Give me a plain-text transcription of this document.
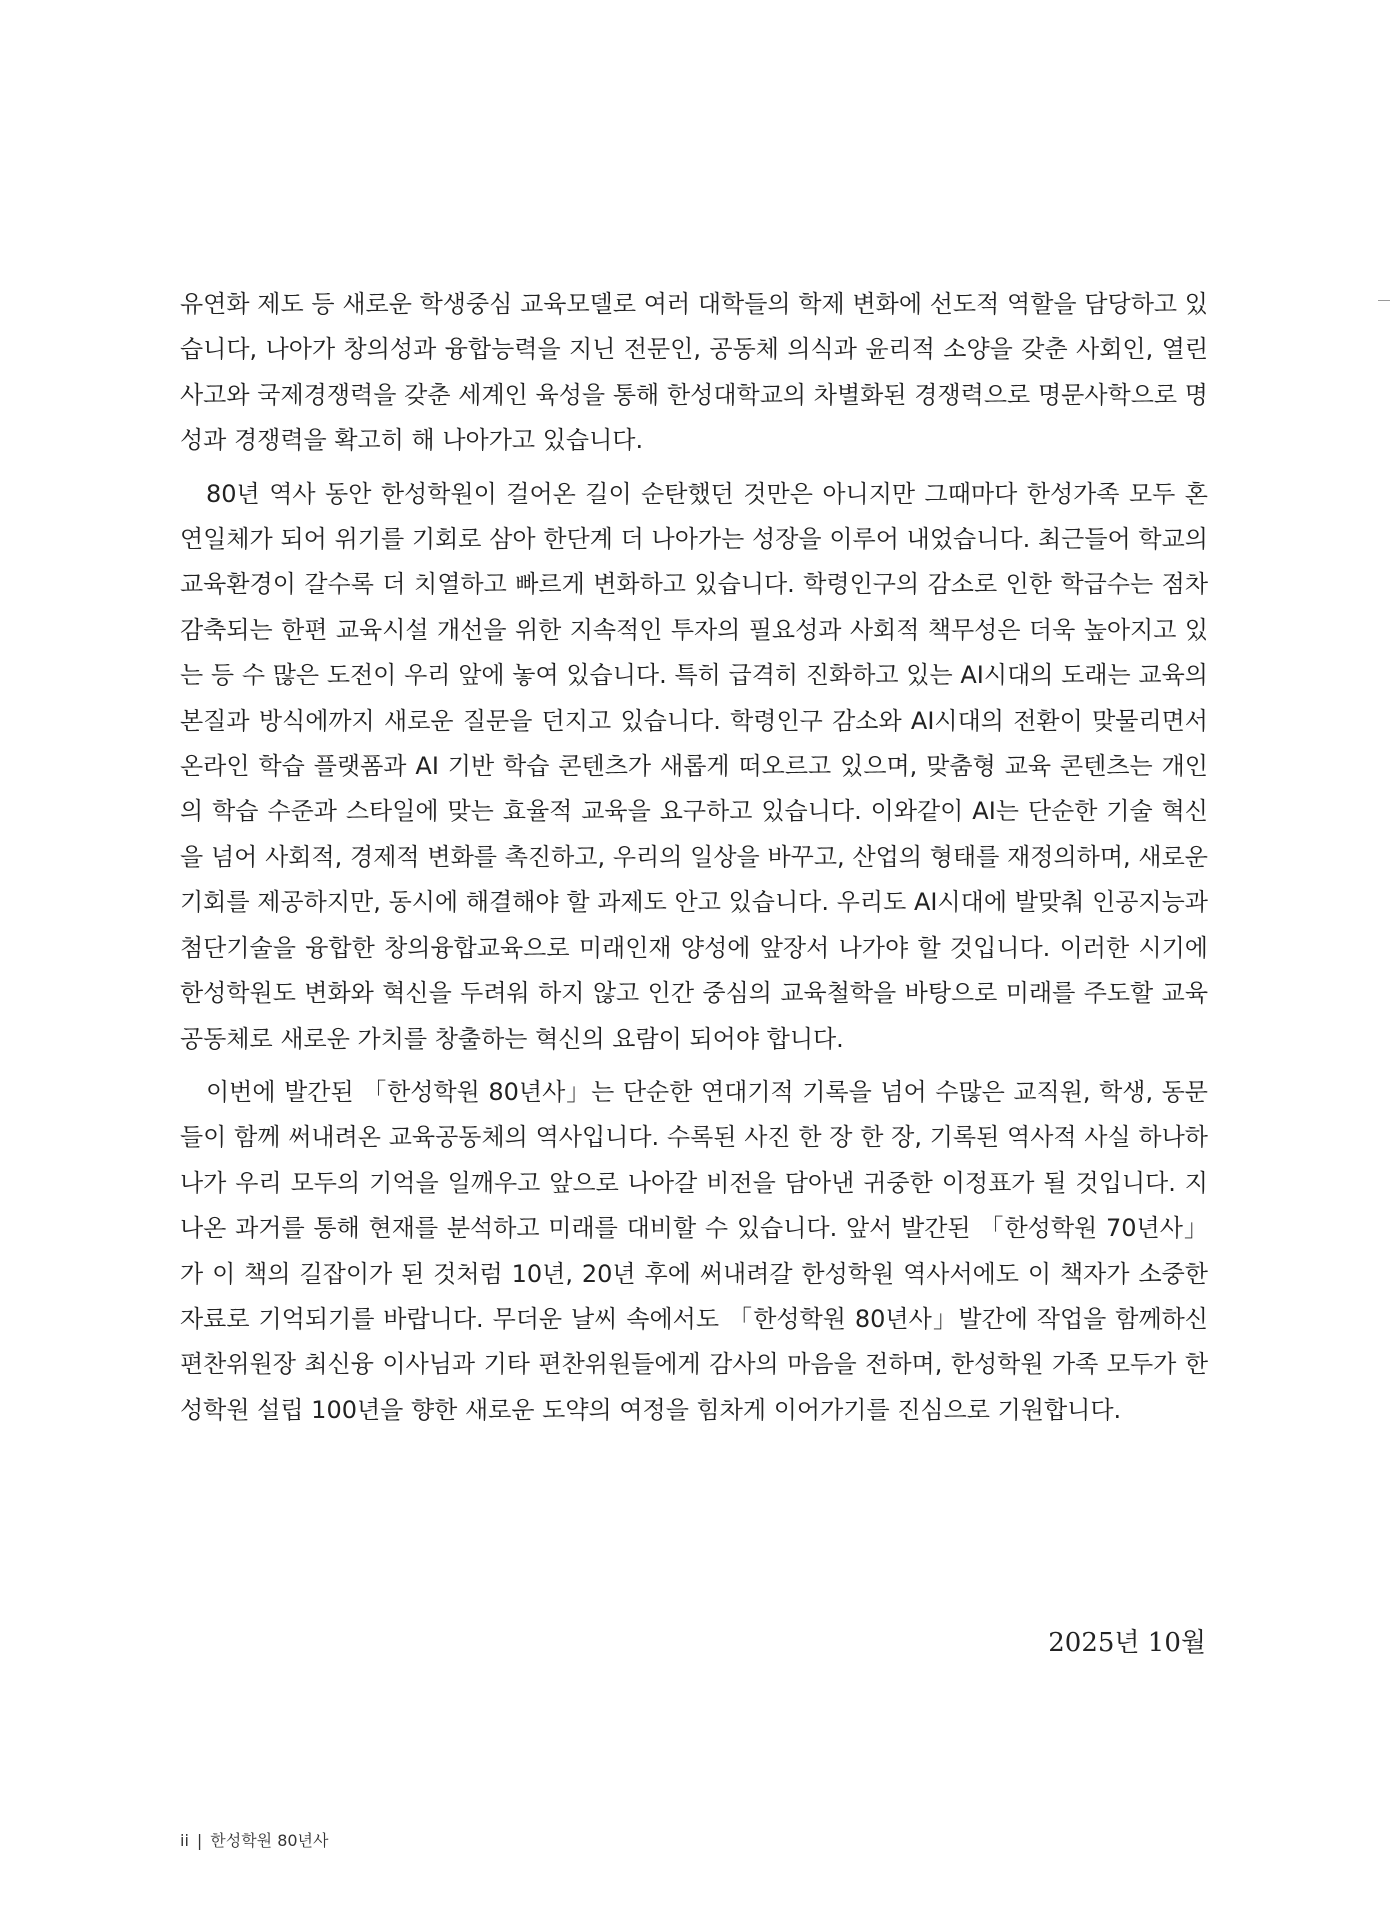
유연화 제도 등 새로운 학생중심 교육모델로 여러 대학들의 학제 변화에 선도적 역할을 담당하고 있습니다, 나아가 창의성과 융합능력을 지닌 전문인, 공동체 의식과 윤리적 소양을 갖춘 사회인, 열린 사고와 국제경쟁력을 갖춘 세계인 육성을 통해 한성대학교의 차별화된 경쟁력으로 명문사학으로 명성과 경쟁력을 확고히 해 나아가고 있습니다.

80년 역사 동안 한성학원이 걸어온 길이 순탄했던 것만은 아니지만 그때마다 한성가족 모두 혼연일체가 되어 위기를 기회로 삼아 한단계 더 나아가는 성장을 이루어 내었습니다. 최근들어 학교의 교육환경이 갈수록 더 치열하고 빠르게 변화하고 있습니다. 학령인구의 감소로 인한 학급수는 점차 감축되는 한편 교육시설 개선을 위한 지속적인 투자의 필요성과 사회적 책무성은 더욱 높아지고 있는 등 수 많은 도전이 우리 앞에 놓여 있습니다. 특히 급격히 진화하고 있는 AI시대의 도래는 교육의 본질과 방식에까지 새로운 질문을 던지고 있습니다. 학령인구 감소와 AI시대의 전환이 맞물리면서 온라인 학습 플랫폼과 AI 기반 학습 콘텐츠가 새롭게 떠오르고 있으며, 맞춤형 교육 콘텐츠는 개인의 학습 수준과 스타일에 맞는 효율적 교육을 요구하고 있습니다. 이와같이 AI는 단순한 기술 혁신을 넘어 사회적, 경제적 변화를 촉진하고, 우리의 일상을 바꾸고, 산업의 형태를 재정의하며, 새로운 기회를 제공하지만, 동시에 해결해야 할 과제도 안고 있습니다. 우리도 AI시대에 발맞춰 인공지능과 첨단기술을 융합한 창의융합교육으로 미래인재 양성에 앞장서 나가야 할 것입니다. 이러한 시기에 한성학원도 변화와 혁신을 두려워 하지 않고 인간 중심의 교육철학을 바탕으로 미래를 주도할 교육공동체로 새로운 가치를 창출하는 혁신의 요람이 되어야 합니다.

이번에 발간된 「한성학원 80년사」는 단순한 연대기적 기록을 넘어 수많은 교직원, 학생, 동문들이 함께 써내려온 교육공동체의 역사입니다. 수록된 사진 한 장 한 장, 기록된 역사적 사실 하나하나가 우리 모두의 기억을 일깨우고 앞으로 나아갈 비전을 담아낸 귀중한 이정표가 될 것입니다. 지나온 과거를 통해 현재를 분석하고 미래를 대비할 수 있습니다. 앞서 발간된 「한성학원 70년사」가 이 책의 길잡이가 된 것처럼 10년, 20년 후에 써내려갈 한성학원 역사서에도 이 책자가 소중한 자료로 기억되기를 바랍니다. 무더운 날씨 속에서도 「한성학원 80년사」발간에 작업을 함께하신 편찬위원장 최신융 이사님과 기타 편찬위원들에게 감사의 마음을 전하며, 한성학원 가족 모두가 한성학원 설립 100년을 향한 새로운 도약의 여정을 힘차게 이어가기를 진심으로 기원합니다.

2025년 10월
ii | 한성학원 80년사
